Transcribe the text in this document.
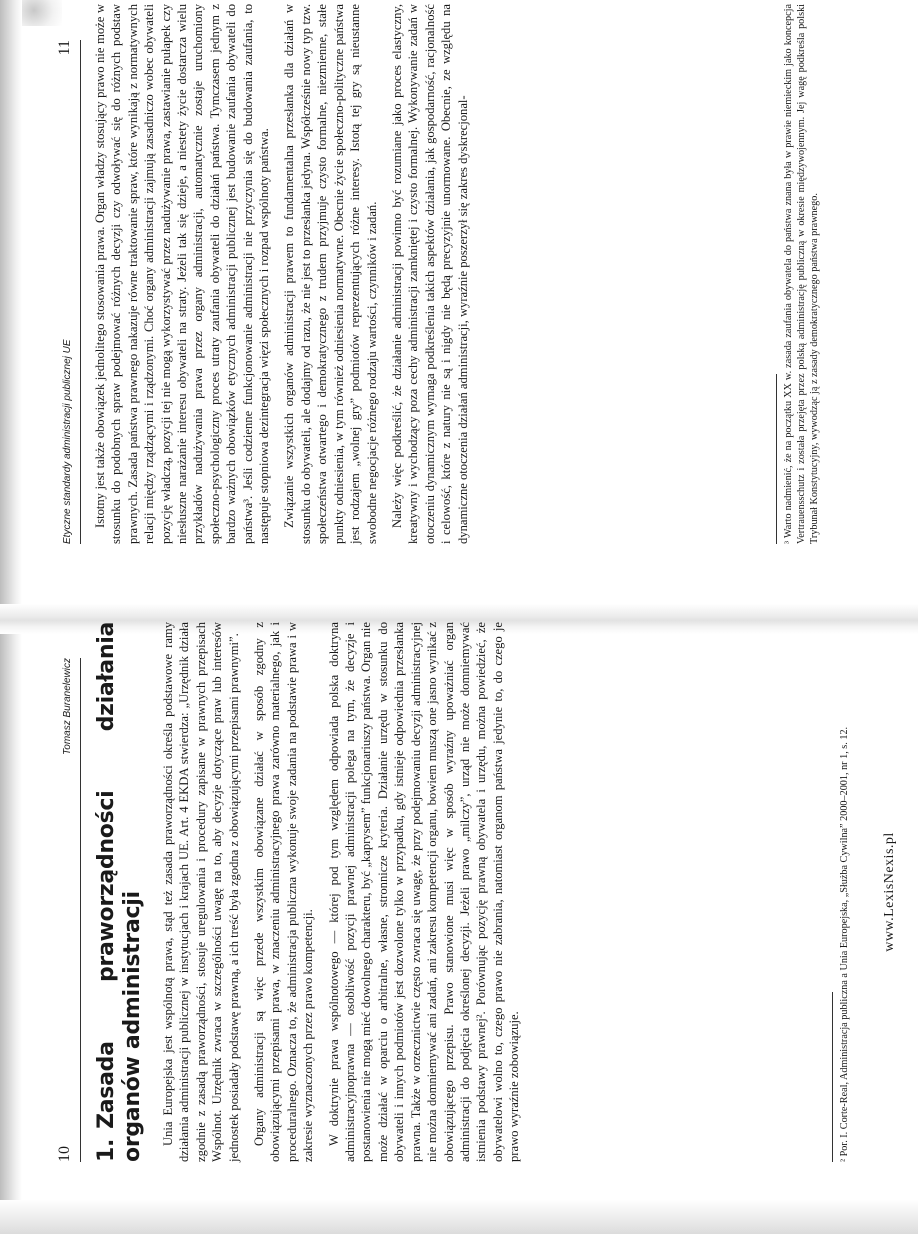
10
Tomasz Buranelewicz
1.Zasada praworządności działania organów administracji Unia Europejska jest wspólnotą prawa, stąd też zasada praworządności określa podstawowe ramy działania administracji publicznej w instytucjach i krajach UE. Art. 4 EKDA stwierdza: „Urzędnik działa zgodnie z zasadą praworządności, stosuje uregulowania i procedury zapisane w prawnych przepisach Wspólnot. Urzędnik zwraca w szczególności uwagę na to, aby decyzje dotyczące praw lub interesów jednostek posiadały podstawę prawną, a ich treść była zgodna z obowiązującymi przepisami prawnymi”. Organy administracji są więc przede wszystkim obowiązane działać w sposób zgodny z obowiązującymi przepisami prawa, w znaczeniu administracyjnego prawa zarówno materialnego, jak i proceduralnego. Oznacza to, że administracja publiczna wykonuje swoje zadania na podstawie prawa i w zakresie wyznaczonych przez prawo kompetencji. W doktrynie prawa wspólnotowego — której pod tym względem odpowiada polska doktryna administracyjnoprawna — osobliwość pozycji prawnej administracji polega na tym, że decyzje i postanowienia nie mogą mieć dowolnego charakteru, być „kaprysem” funkcjonariuszy państwa. Organ nie może działać w oparciu o arbitralne, własne, stronnicze kryteria. Działanie urzędu w stosunku do obywateli i innych podmiotów jest dozwolone tylko w przypadku, gdy istnieje odpowiednia przesłanka prawna. Także w orzecznictwie często zwraca się uwagę, że przy podejmowaniu decyzji administracyjnej nie można domniemywać ani zadań, ani zakresu kompetencji organu, bowiem muszą one jasno wynikać z obowiązującego przepisu. Prawo stanowione musi więc w sposób wyraźny upoważniać organ administracji do podjęcia określonej decyzji. Jeżeli prawo „milczy”, urząd nie może domniemywać istnienia podstawy prawnej². Porównując pozycję prawną obywatela i urzędu, można powiedzieć, że obywatelowi wolno to, czego prawo nie zabrania, natomiast organom państwa jedynie to, do czego je prawo wyraźnie zobowiązuje.	² Por. I. Corte-Real, Administracja publiczna a Unia Europejska, „Służba Cywilna” 2000–2001, nr 1, s. 12. www.LexisNexis.pl
Etyczne standardy administracji publicznej UE
11 Istotny jest także obowiązek jednolitego stosowania prawa. Organ władzy stosujący prawo nie może w stosunku do podobnych spraw podejmować różnych decyzji czy odwoływać się do różnych podstaw prawnych. Zasada państwa prawnego nakazuje równe traktowanie spraw, które wynikają z normatywnych relacji między rządzącymi i rządzonymi. Choć organy administracji zajmują zasadniczo wobec obywateli pozycję władczą, pozycji tej nie mogą wykorzystywać przez nadużywanie prawa, zastawianie pułapek czy niesłuszne narażanie interesu obywateli na straty. Jeżeli tak się dzieje, a niestety życie dostarcza wielu przykładów nadużywania prawa przez organy administracji, automatycznie zostaje uruchomiony społeczno-psychologiczny proces utraty zaufania obywateli do działań państwa. Tymczasem jednym z bardzo ważnych obowiązków etycznych administracji publicznej jest budowanie zaufania obywateli do państwa³. Jeśli codzienne funkcjonowanie administracji nie przyczynia się do budowania zaufania, to następuje stopniowa dezintegracja więzi społecznych i rozpad wspólnoty państwa. Związanie wszystkich organów administracji prawem to fundamentalna przesłanka dla działań w stosunku do obywateli, ale dodajmy od razu, że nie jest to przesłanka jedyna. Współcześnie nowy typ tzw. społeczeństwa otwartego i demokratycznego z trudem przyjmuje czysto formalne, niezmienne, stałe punkty odniesienia, w tym również odniesienia normatywne. Obecnie życie społeczno-polityczne państwa jest rodzajem „wolnej gry” podmiotów reprezentujących różne interesy. Istotą tej gry są nieustanne swobodne negocjacje różnego rodzaju wartości, czynników i zadań. Należy więc podkreślić, że działanie administracji powinno być rozumiane jako proces elastyczny, kreatywny i wychodzący poza cechy administracji zamkniętej i czysto formalnej. Wykonywanie zadań w otoczeniu dynamicznym wymaga podkreślenia takich aspektów działania, jak gospodarność, racjonalność i celowość, które z natury nie są i nigdy nie będą precyzyjnie unormowane. Obecnie, ze względu na dynamiczne otoczenia działań administracji, wyraźnie poszerzył się zakres dyskrecjonal-	³ Warto nadmienić, że na początku XX w. zasada zaufania obywatela do państwa znana była w prawie niemieckim jako koncepcja Vertrauensschutz i została przejęta przez polską administrację publiczną w okresie międzywojennym. Jej wagę podkreśla polski Trybunał Konstytucyjny, wywodząc ją z zasady demokratycznego państwa prawnego.
